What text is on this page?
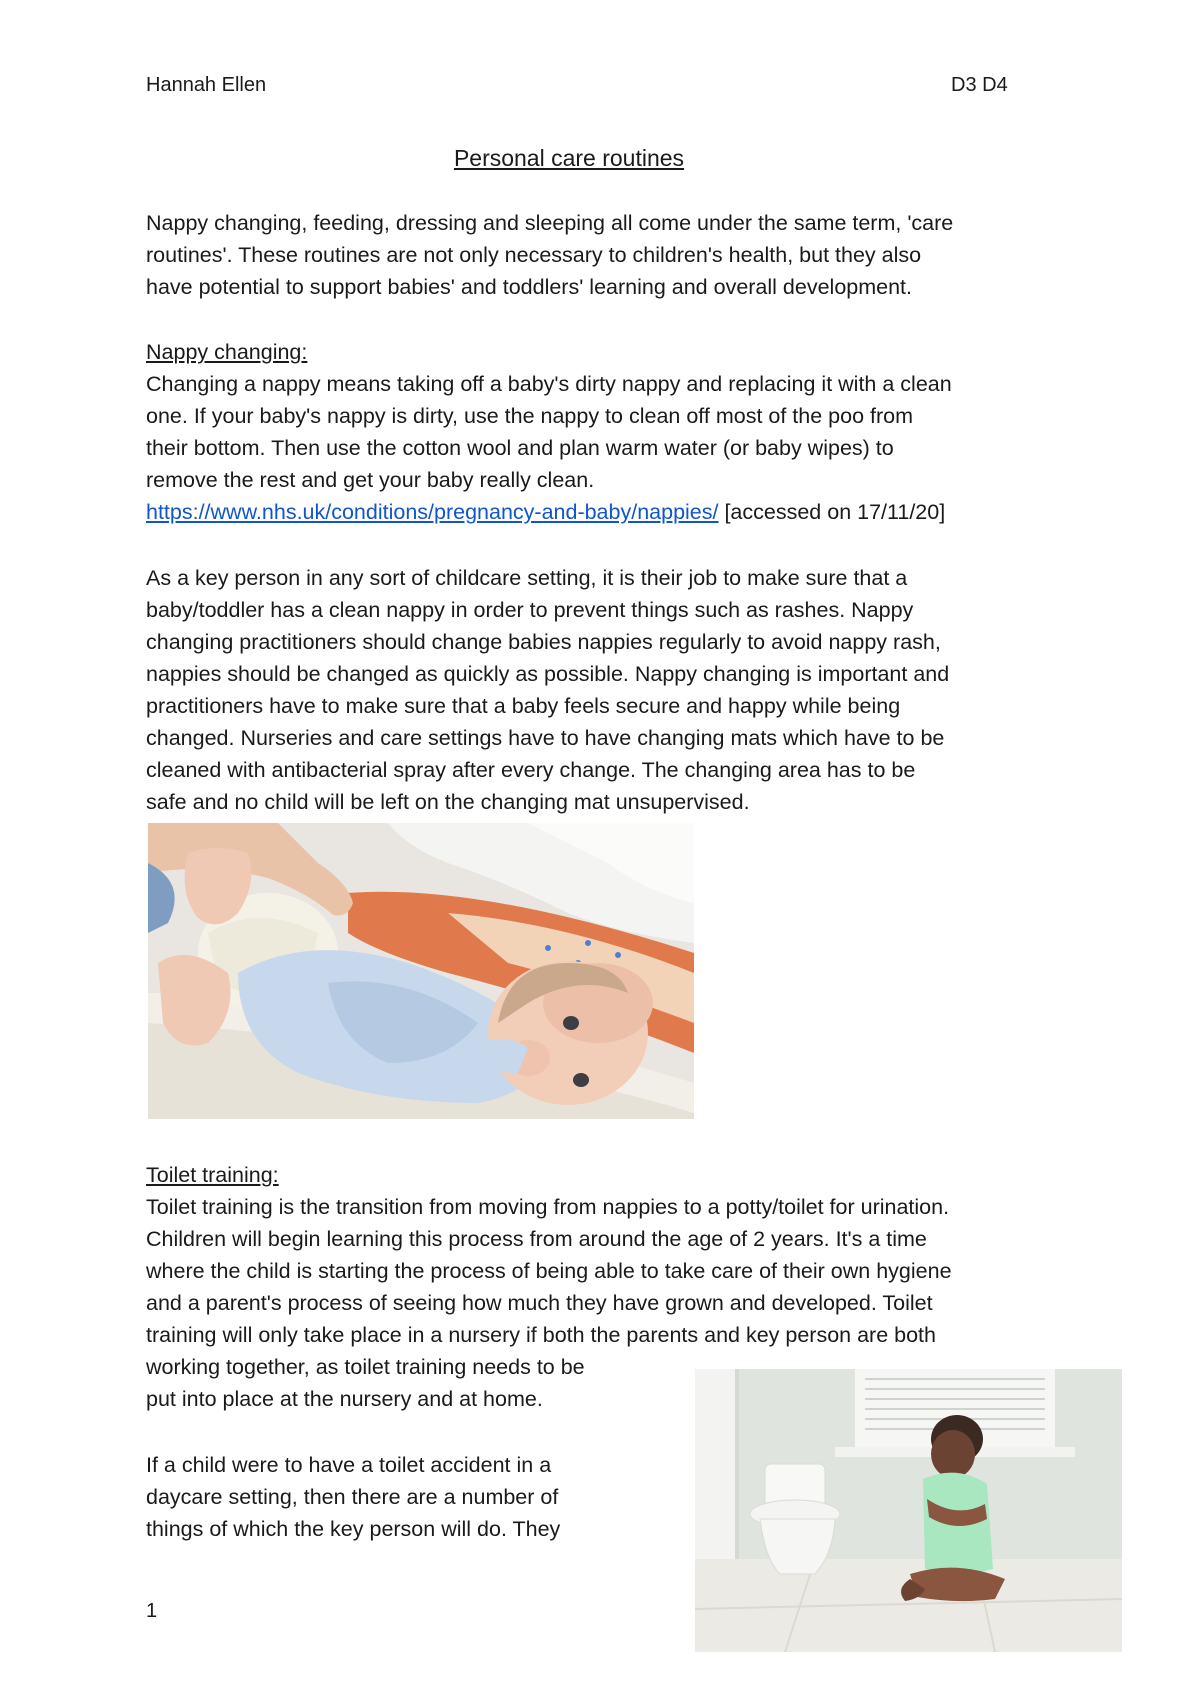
Hannah Ellen	D3 D4
Personal care routines
Nappy changing, feeding, dressing and sleeping all come under the same term, 'care
routines'. These routines are not only necessary to children's health, but they also
have potential to support babies' and toddlers' learning and overall development.
Nappy changing:
Changing a nappy means taking off a baby's dirty nappy and replacing it with a clean
one. If your baby's nappy is dirty, use the nappy to clean off most of the poo from
their bottom. Then use the cotton wool and plan warm water (or baby wipes) to
remove the rest and get your baby really clean.
https://www.nhs.uk/conditions/pregnancy-and-baby/nappies/ [accessed on 17/11/20]
As a key person in any sort of childcare setting, it is their job to make sure that a
baby/toddler has a clean nappy in order to prevent things such as rashes. Nappy
changing practitioners should change babies nappies regularly to avoid nappy rash,
nappies should be changed as quickly as possible. Nappy changing is important and
practitioners have to make sure that a baby feels secure and happy while being
changed. Nurseries and care settings have to have changing mats which have to be
cleaned with antibacterial spray after every change. The changing area has to be
safe and no child will be left on the changing mat unsupervised.
Toilet training:
Toilet training is the transition from moving from nappies to a potty/toilet for urination.
Children will begin learning this process from around the age of 2 years. It's a time
where the child is starting the process of being able to take care of their own hygiene
and a parent's process of seeing how much they have grown and developed. Toilet
training will only take place in a nursery if both the parents and key person are both
working together, as toilet training needs to be
put into place at the nursery and at home.
If a child were to have a toilet accident in a
daycare setting, then there are a number of
things of which the key person will do. They
1
